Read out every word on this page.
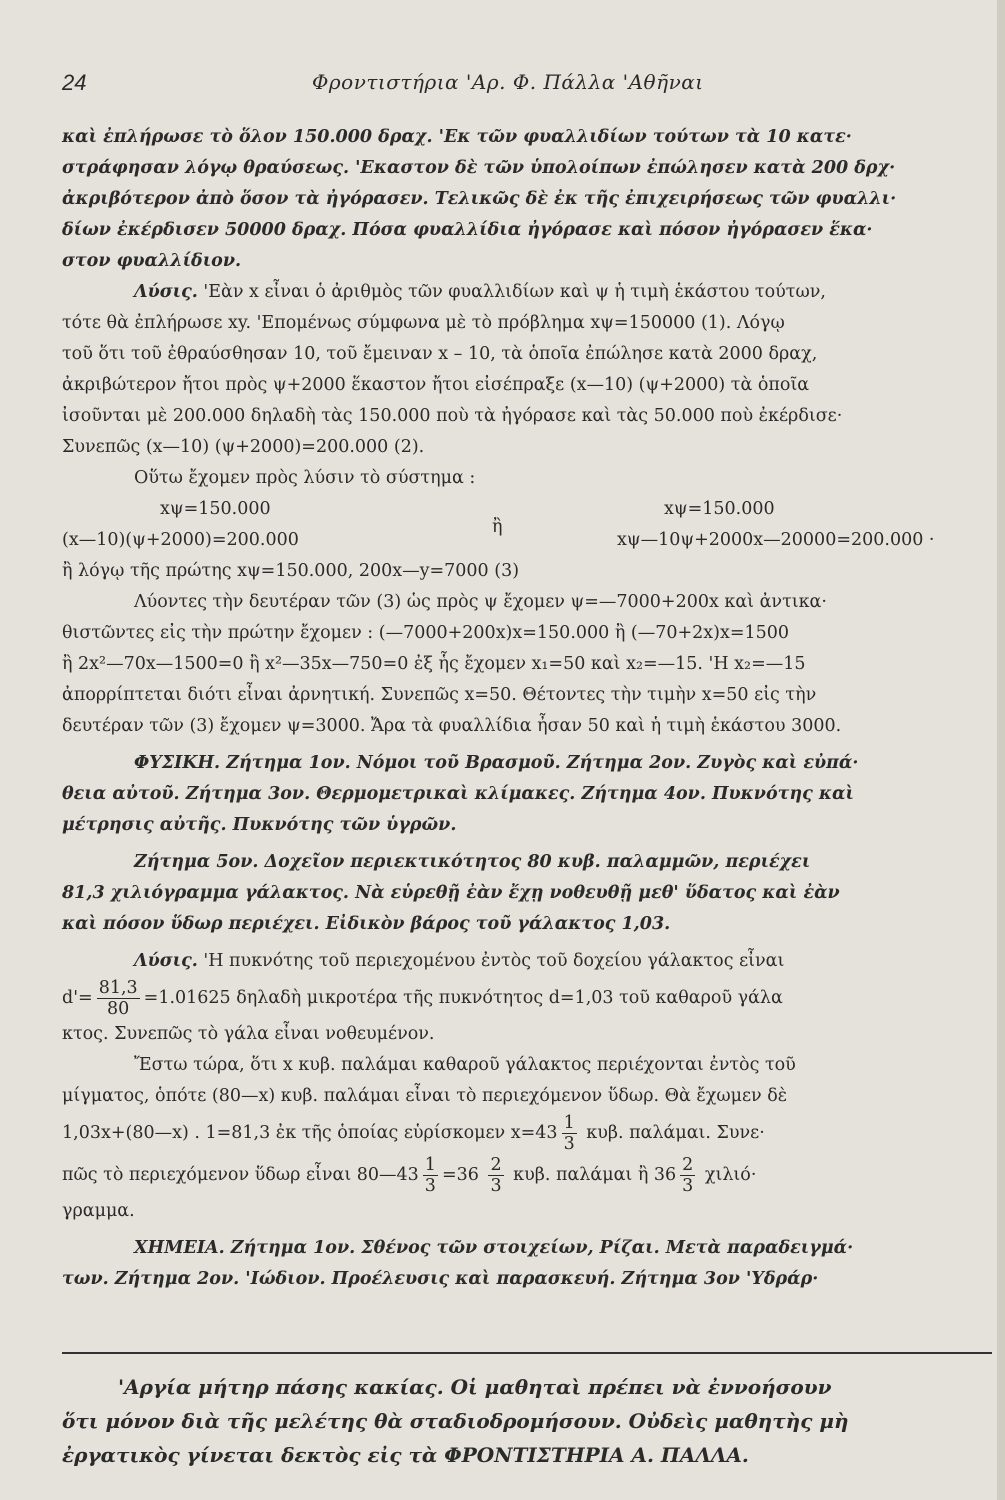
24	Φροντιστήρια 'Αρ. Φ. Πάλλα 'Αθῆναι
καὶ ἐπλήρωσε τὸ ὅλον 150.000 δραχ. 'Εκ τῶν φυαλλιδίων τούτων τὰ 10 κατε·
στράφησαν λόγῳ θραύσεως. 'Εκαστον δὲ τῶν ὑπολοίπων ἐπώλησεν κατὰ 200 δρχ·
ἀκριβότερον ἀπὸ ὅσον τὰ ἠγόρασεν. Τελικῶς δὲ ἐκ τῆς ἐπιχειρήσεως τῶν φυαλλι·
δίων ἐκέρδισεν 50000 δραχ. Πόσα φυαλλίδια ἠγόρασε καὶ πόσον ἠγόρασεν ἕκα·
στον φυαλλίδιον.
Λύσις. 'Εὰν x εἶναι ὁ ἀριθμὸς τῶν φυαλλιδίων καὶ ψ ἡ τιμὴ ἑκάστου τούτων,
τότε θὰ ἐπλήρωσε xy. 'Επομένως σύμφωνα μὲ τὸ πρόβλημα xψ=150000 (1). Λόγῳ
τοῦ ὅτι τοῦ ἐθραύσθησαν 10, τοῦ ἔμειναν x – 10, τὰ ὁποῖα ἐπώλησε κατὰ 2000 δραχ,
ἀκριβώτερον ἤτοι πρὸς ψ+2000 ἕκαστον ἤτοι εἰσέπραξε (x—10) (ψ+2000) τὰ ὁποῖα
ἰσοῦνται μὲ 200.000 δηλαδὴ τὰς 150.000 ποὺ τὰ ἠγόρασε καὶ τὰς 50.000 ποὺ ἐκέρδισε·
Συνεπῶς (x—10) (ψ+2000)=200.000 (2).
Οὕτω ἔχομεν πρὸς λύσιν τὸ σύστημα :
xψ=150.000
(x—10)(ψ+2000)=200.000
ἢ
xψ=150.000
xψ—10ψ+2000x—20000=200.000 ·
ἢ λόγῳ τῆς πρώτης xψ=150.000, 200x—y=7000 (3)
Λύοντες τὴν δευτέραν τῶν (3) ὡς πρὸς ψ ἔχομεν ψ=—7000+200x καὶ ἀντικα·
θιστῶντες εἰς τὴν πρώτην ἔχομεν : (—7000+200x)x=150.000 ἢ (—70+2x)x=1500
ἢ 2x²—70x—1500=0 ἢ x²—35x—750=0 ἐξ ἧς ἔχομεν x₁=50 καὶ x₂=—15. 'Η x₂=—15
ἀπορρίπτεται διότι εἶναι ἀρνητική. Συνεπῶς x=50. Θέτοντες τὴν τιμὴν x=50 εἰς τὴν
δευτέραν τῶν (3) ἔχομεν ψ=3000. Ἄρα τὰ φυαλλίδια ἦσαν 50 καὶ ἡ τιμὴ ἑκάστου 3000.
ΦΥΣΙΚΗ. Ζήτημα 1ον. Νόμοι τοῦ Βρασμοῦ. Ζήτημα 2ον. Ζυγὸς καὶ εὐπά·
θεια αὐτοῦ. Ζήτημα 3ον. Θερμομετρικαὶ κλίμακες. Ζήτημα 4ον. Πυκνότης καὶ
μέτρησις αὐτῆς. Πυκνότης τῶν ὑγρῶν.
Ζήτημα 5ον. Δοχεῖον περιεκτικότητος 80 κυβ. παλαμμῶν, περιέχει
81,3 χιλιόγραμμα γάλακτος. Νὰ εὑρεθῇ ἐὰν ἔχῃ νοθευθῇ μεθ' ὕδατος καὶ ἐὰν
καὶ πόσον ὕδωρ περιέχει. Εἰδικὸν βάρος τοῦ γάλακτος 1,03.
Λύσις. 'Η πυκνότης τοῦ περιεχομένου ἐντὸς τοῦ δοχείου γάλακτος εἶναι
$d'= \frac{81,3}{80} =1.01625$ δηλαδὴ μικροτέρα τῆς πυκνότητος d=1,03 τοῦ καθαροῦ γάλα
κτος. Συνεπῶς τὸ γάλα εἶναι νοθευμένον.
Ἔστω τώρα, ὅτι x κυβ. παλάμαι καθαροῦ γάλακτος περιέχονται ἐντὸς τοῦ
μίγματος, ὁπότε (80—x) κυβ. παλάμαι εἶναι τὸ περιεχόμενον ὕδωρ. Θὰ ἔχωμεν δὲ
1,03x+(80—x) . 1=81,3 ἐκ τῆς ὁποίας εὑρίσκομεν $x=43 \frac{1}{3} \kappa\upsilon\beta$. παλάμαι. Συνε·
πῶς τὸ περιεχόμενον ὕδωρ εἶναι 80—43 $\frac{1}{3} =36 \frac{2}{3} \kappa\upsilon\beta$. παλάμαι ἢ $36 \frac{2}{3} \chi\iota\lambda\iota ό\cdot$
γραμμα.
ΧΗΜΕΙΑ. Ζήτημα 1ον. Σθένος τῶν στοιχείων, Ρίζαι. Μετὰ παραδειγμά·
των. Ζήτημα 2ον. 'Ιώδιον. Προέλευσις καὶ παρασκευή. Ζήτημα 3ον 'Υδράρ·
'Αργία μήτηρ πάσης κακίας. Οἱ μαθηταὶ πρέπει νὰ ἐννοήσουν
ὅτι μόνον διὰ τῆς μελέτης θὰ σταδιοδρομήσουν. Οὐδεὶς μαθητὴς μὴ
ἐργατικὸς γίνεται δεκτὸς εἰς τὰ ΦΡΟΝΤΙΣΤΗΡΙΑ Α. ΠΑΛΛΑ.
